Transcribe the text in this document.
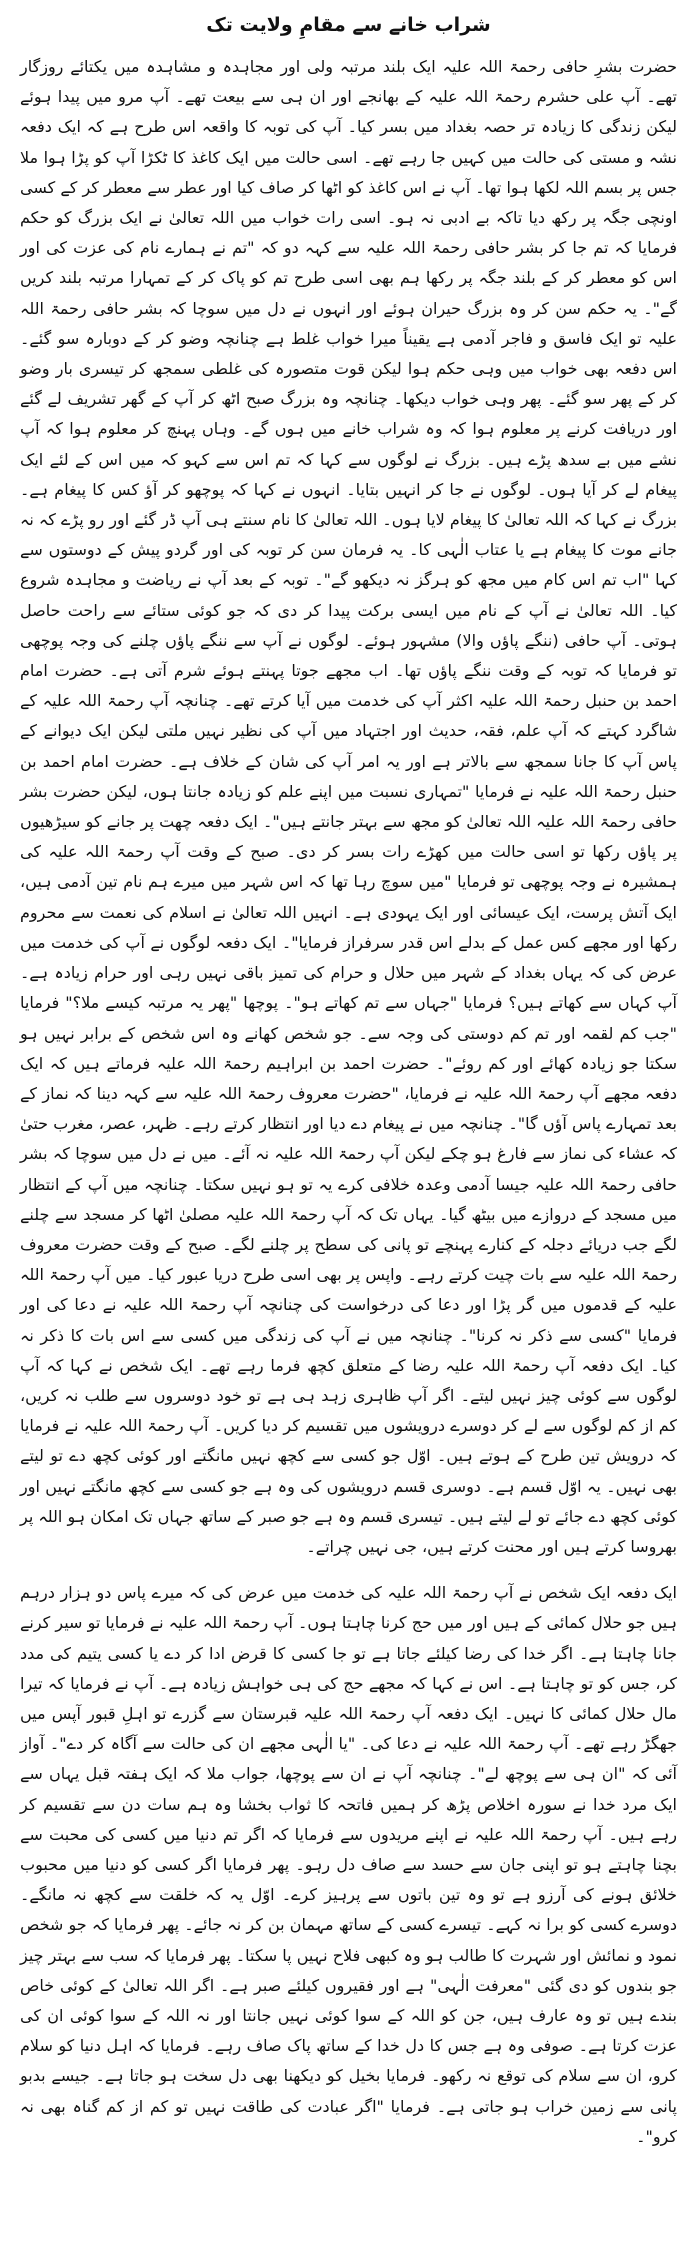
شراب خانے سے مقامِ ولایت تک

حضرت بشرِ حافی رحمۃ اللہ علیہ ایک بلند مرتبہ ولی اور مجاہدہ و مشاہدہ میں یکتائے روزگار تھے۔ آپ علی حشرم رحمۃ اللہ علیہ کے بھانجے اور ان ہی سے بیعت تھے۔ آپ مرو میں پیدا ہوئے لیکن زندگی کا زیادہ تر حصہ بغداد میں بسر کیا۔ آپ کی توبہ کا واقعہ اس طرح ہے کہ ایک دفعہ نشہ و مستی کی حالت میں کہیں جا رہے تھے۔ اسی حالت میں ایک کاغذ کا ٹکڑا آپ کو پڑا ہوا ملا جس پر بسم اللہ لکھا ہوا تھا۔ آپ نے اس کاغذ کو اٹھا کر صاف کیا اور عطر سے معطر کر کے کسی اونچی جگہ پر رکھ دیا تاکہ بے ادبی نہ ہو۔ اسی رات خواب میں اللہ تعالیٰ نے ایک بزرگ کو حکم فرمایا کہ تم جا کر بشر حافی رحمۃ اللہ علیہ سے کہہ دو کہ "تم نے ہمارے نام کی عزت کی اور اس کو معطر کر کے بلند جگہ پر رکھا ہم بھی اسی طرح تم کو پاک کر کے تمہارا مرتبہ بلند کریں گے"۔ یہ حکم سن کر وہ بزرگ حیران ہوئے اور انہوں نے دل میں سوچا کہ بشر حافی رحمۃ اللہ علیہ تو ایک فاسق و فاجر آدمی ہے یقیناً میرا خواب غلط ہے چنانچہ وضو کر کے دوبارہ سو گئے۔ اس دفعہ بھی خواب میں وہی حکم ہوا لیکن قوت متصورہ کی غلطی سمجھ کر تیسری بار وضو کر کے پھر سو گئے۔ پھر وہی خواب دیکھا۔ چنانچہ وہ بزرگ صبح اٹھ کر آپ کے گھر تشریف لے گئے اور دریافت کرنے پر معلوم ہوا کہ وہ شراب خانے میں ہوں گے۔ وہاں پہنچ کر معلوم ہوا کہ آپ نشے میں بے سدھ پڑے ہیں۔ بزرگ نے لوگوں سے کہا کہ تم اس سے کہو کہ میں اس کے لئے ایک پیغام لے کر آیا ہوں۔ لوگوں نے جا کر انہیں بتایا۔ انہوں نے کہا کہ پوچھو کر آؤ کس کا پیغام ہے۔ بزرگ نے کہا کہ اللہ تعالیٰ کا پیغام لایا ہوں۔ اللہ تعالیٰ کا نام سنتے ہی آپ ڈر گئے اور رو پڑے کہ نہ جانے موت کا پیغام ہے یا عتاب الٰہی کا۔ یہ فرمان سن کر توبہ کی اور گردو پیش کے دوستوں سے کہا "اب تم اس کام میں مجھ کو ہرگز نہ دیکھو گے"۔ توبہ کے بعد آپ نے ریاضت و مجاہدہ شروع کیا۔ اللہ تعالیٰ نے آپ کے نام میں ایسی برکت پیدا کر دی کہ جو کوئی ستائے سے راحت حاصل ہوتی۔ آپ حافی (ننگے پاؤں والا) مشہور ہوئے۔ لوگوں نے آپ سے ننگے پاؤں چلنے کی وجہ پوچھی تو فرمایا کہ توبہ کے وقت ننگے پاؤں تھا۔ اب مجھے جوتا پہنتے ہوئے شرم آتی ہے۔ حضرت امام احمد بن حنبل رحمۃ اللہ علیہ اکثر آپ کی خدمت میں آیا کرتے تھے۔ چنانچہ آپ رحمۃ اللہ علیہ کے شاگرد کہتے کہ آپ علم، فقہ، حدیث اور اجتہاد میں آپ کی نظیر نہیں ملتی لیکن ایک دیوانے کے پاس آپ کا جانا سمجھ سے بالاتر ہے اور یہ امر آپ کی شان کے خلاف ہے۔ حضرت امام احمد بن حنبل رحمۃ اللہ علیہ نے فرمایا "تمہاری نسبت میں اپنے علم کو زیادہ جانتا ہوں، لیکن حضرت بشر حافی رحمۃ اللہ علیہ اللہ تعالیٰ کو مجھ سے بہتر جانتے ہیں"۔ ایک دفعہ چھت پر جانے کو سیڑھیوں پر پاؤں رکھا تو اسی حالت میں کھڑے رات بسر کر دی۔ صبح کے وقت آپ رحمۃ اللہ علیہ کی ہمشیرہ نے وجہ پوچھی تو فرمایا "میں سوچ رہا تھا کہ اس شہر میں میرے ہم نام تین آدمی ہیں، ایک آتش پرست، ایک عیسائی اور ایک یہودی ہے۔ انہیں اللہ تعالیٰ نے اسلام کی نعمت سے محروم رکھا اور مجھے کس عمل کے بدلے اس قدر سرفراز فرمایا"۔ ایک دفعہ لوگوں نے آپ کی خدمت میں عرض کی کہ یہاں بغداد کے شہر میں حلال و حرام کی تمیز باقی نہیں رہی اور حرام زیادہ ہے۔ آپ کہاں سے کھاتے ہیں؟ فرمایا "جہاں سے تم کھاتے ہو"۔ پوچھا "پھر یہ مرتبہ کیسے ملا؟" فرمایا "جب کم لقمہ اور تم کم دوستی کی وجہ سے۔ جو شخص کھانے وہ اس شخص کے برابر نہیں ہو سکتا جو زیادہ کھائے اور کم روئے"۔ حضرت احمد بن ابراہیم رحمۃ اللہ علیہ فرماتے ہیں کہ ایک دفعہ مجھے آپ رحمۃ اللہ علیہ نے فرمایا، "حضرت معروف رحمۃ اللہ علیہ سے کہہ دینا کہ نماز کے بعد تمہارے پاس آؤں گا"۔ چنانچہ میں نے پیغام دے دیا اور انتظار کرتے رہے۔ ظہر، عصر، مغرب حتیٰ کہ عشاء کی نماز سے فارغ ہو چکے لیکن آپ رحمۃ اللہ علیہ نہ آئے۔ میں نے دل میں سوچا کہ بشر حافی رحمۃ اللہ علیہ جیسا آدمی وعدہ خلافی کرے یہ تو ہو نہیں سکتا۔ چنانچہ میں آپ کے انتظار میں مسجد کے دروازے میں بیٹھ گیا۔ یہاں تک کہ آپ رحمۃ اللہ علیہ مصلیٰ اٹھا کر مسجد سے چلنے لگے جب دریائے دجلہ کے کنارے پہنچے تو پانی کی سطح پر چلنے لگے۔ صبح کے وقت حضرت معروف رحمۃ اللہ علیہ سے بات چیت کرتے رہے۔ واپس پر بھی اسی طرح دریا عبور کیا۔ میں آپ رحمۃ اللہ علیہ کے قدموں میں گر پڑا اور دعا کی درخواست کی چنانچہ آپ رحمۃ اللہ علیہ نے دعا کی اور فرمایا "کسی سے ذکر نہ کرنا"۔ چنانچہ میں نے آپ کی زندگی میں کسی سے اس بات کا ذکر نہ کیا۔ ایک دفعہ آپ رحمۃ اللہ علیہ رضا کے متعلق کچھ فرما رہے تھے۔ ایک شخص نے کہا کہ آپ لوگوں سے کوئی چیز نہیں لیتے۔ اگر آپ ظاہری زہد ہی ہے تو خود دوسروں سے طلب نہ کریں، کم از کم لوگوں سے لے کر دوسرے درویشوں میں تقسیم کر دیا کریں۔ آپ رحمۃ اللہ علیہ نے فرمایا کہ درویش تین طرح کے ہوتے ہیں۔ اوّل جو کسی سے کچھ نہیں مانگتے اور کوئی کچھ دے تو لیتے بھی نہیں۔ یہ اوّل قسم ہے۔ دوسری قسم درویشوں کی وہ ہے جو کسی سے کچھ مانگتے نہیں اور کوئی کچھ دے جائے تو لے لیتے ہیں۔ تیسری قسم وہ ہے جو صبر کے ساتھ جہاں تک امکان ہو اللہ پر بھروسا کرتے ہیں اور محنت کرتے ہیں، جی نہیں چراتے۔

ایک دفعہ ایک شخص نے آپ رحمۃ اللہ علیہ کی خدمت میں عرض کی کہ میرے پاس دو ہزار درہم ہیں جو حلال کمائی کے ہیں اور میں حج کرنا چاہتا ہوں۔ آپ رحمۃ اللہ علیہ نے فرمایا تو سیر کرنے جانا چاہتا ہے۔ اگر خدا کی رضا کیلئے جاتا ہے تو جا کسی کا قرض ادا کر دے یا کسی یتیم کی مدد کر، جس کو تو چاہتا ہے۔ اس نے کہا کہ مجھے حج کی ہی خواہش زیادہ ہے۔ آپ نے فرمایا کہ تیرا مال حلال کمائی کا نہیں۔ ایک دفعہ آپ رحمۃ اللہ علیہ قبرستان سے گزرے تو اہلِ قبور آپس میں جھگڑ رہے تھے۔ آپ رحمۃ اللہ علیہ نے دعا کی۔ "یا الٰہی مجھے ان کی حالت سے آگاہ کر دے"۔ آواز آئی کہ "ان ہی سے پوچھ لے"۔ چنانچہ آپ نے ان سے پوچھا، جواب ملا کہ ایک ہفتہ قبل یہاں سے ایک مرد خدا نے سورہ اخلاص پڑھ کر ہمیں فاتحہ کا ثواب بخشا وہ ہم سات دن سے تقسیم کر رہے ہیں۔ آپ رحمۃ اللہ علیہ نے اپنے مریدوں سے فرمایا کہ اگر تم دنیا میں کسی کی محبت سے بچنا چاہتے ہو تو اپنی جان سے حسد سے صاف دل رہو۔ پھر فرمایا اگر کسی کو دنیا میں محبوب خلائق ہونے کی آرزو ہے تو وہ تین باتوں سے پرہیز کرے۔ اوّل یہ کہ خلقت سے کچھ نہ مانگے۔ دوسرے کسی کو برا نہ کہے۔ تیسرے کسی کے ساتھ مہمان بن کر نہ جائے۔ پھر فرمایا کہ جو شخص نمود و نمائش اور شہرت کا طالب ہو وہ کبھی فلاح نہیں پا سکتا۔ پھر فرمایا کہ سب سے بہتر چیز جو بندوں کو دی گئی "معرفت الٰہی" ہے اور فقیروں کیلئے صبر ہے۔ اگر اللہ تعالیٰ کے کوئی خاص بندے ہیں تو وہ عارف ہیں، جن کو اللہ کے سوا کوئی نہیں جانتا اور نہ اللہ کے سوا کوئی ان کی عزت کرتا ہے۔ صوفی وہ ہے جس کا دل خدا کے ساتھ پاک صاف رہے۔ فرمایا کہ اہل دنیا کو سلام کرو، ان سے سلام کی توقع نہ رکھو۔ فرمایا بخیل کو دیکھنا بھی دل سخت ہو جاتا ہے۔ جیسے بدبو پانی سے زمین خراب ہو جاتی ہے۔ فرمایا "اگر عبادت کی طاقت نہیں تو کم از کم گناہ بھی نہ کرو"۔
